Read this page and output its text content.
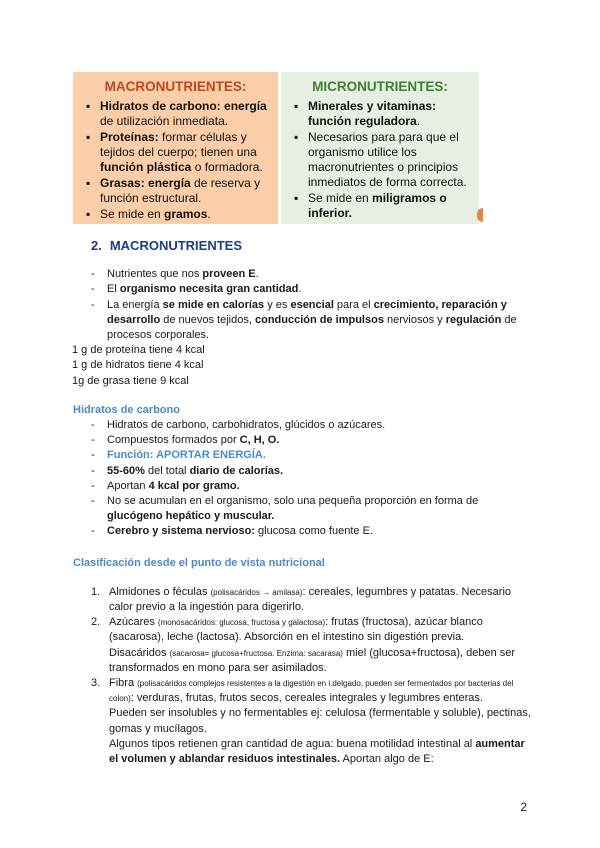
MACRONUTRIENTES:
▪ Hidratos de carbono: energía de utilización inmediata.
▪ Proteínas: formar células y tejidos del cuerpo; tienen una función plástica o formadora.
▪ Grasas: energía de reserva y función estructural.
▪ Se mide en gramos.
MICRONUTRIENTES:
▪ Minerales y vitaminas: función reguladora.
▪ Necesarios para para que el organismo utilice los macronutrientes o principios inmediatos de forma correcta.
▪ Se mide en miligramos o inferior.
2. MACRONUTRIENTES
- Nutrientes que nos proveen E.
- El organismo necesita gran cantidad.
- La energía se mide en calorías y es esencial para el crecimiento, reparación y desarrollo de nuevos tejidos, conducción de impulsos nerviosos y regulación de procesos corporales.
1 g de proteína tiene 4 kcal
1 g de hidratos tiene 4 kcal
1g de grasa tiene 9 kcal
Hidratos de carbono
- Hidratos de carbono, carbohidratos, glúcidos o azúcares.
- Compuestos formados por C, H, O.
- Función: APORTAR ENERGÍA.
- 55-60% del total diario de calorías.
- Aportan 4 kcal por gramo.
- No se acumulan en el organismo, solo una pequeña proporción en forma de glucógeno hepático y muscular.
- Cerebro y sistema nervioso: glucosa como fuente E.
Clasificación desde el punto de vista nutricional
1. Almidones o féculas (polisacáridos → amilasa): cereales, legumbres y patatas. Necesario calor previo a la ingestión para digerirlo.
2. Azúcares (monosacáridos: glucosa, fructosa y galactosa): frutas (fructosa), azúcar blanco (sacarosa), leche (lactosa). Absorción en el intestino sin digestión previa.
Disacáridos (sacarosa= glucosa+fructosa. Enzima: sacarasa) miel (glucosa+fructosa), deben ser transformados en mono para ser asimilados.
3. Fibra (polisacáridos complejos resistentes a la digestión en i.delgado, pueden ser fermentados por bacterias del colon): verduras, frutas, frutos secos, cereales integrales y legumbres enteras.
Pueden ser insolubles y no fermentables ej: celulosa (fermentable y soluble), pectinas, gomas y mucílagos.
Algunos tipos retienen gran cantidad de agua: buena motilidad intestinal al aumentar el volumen y ablandar residuos intestinales. Aportan algo de E:
2
